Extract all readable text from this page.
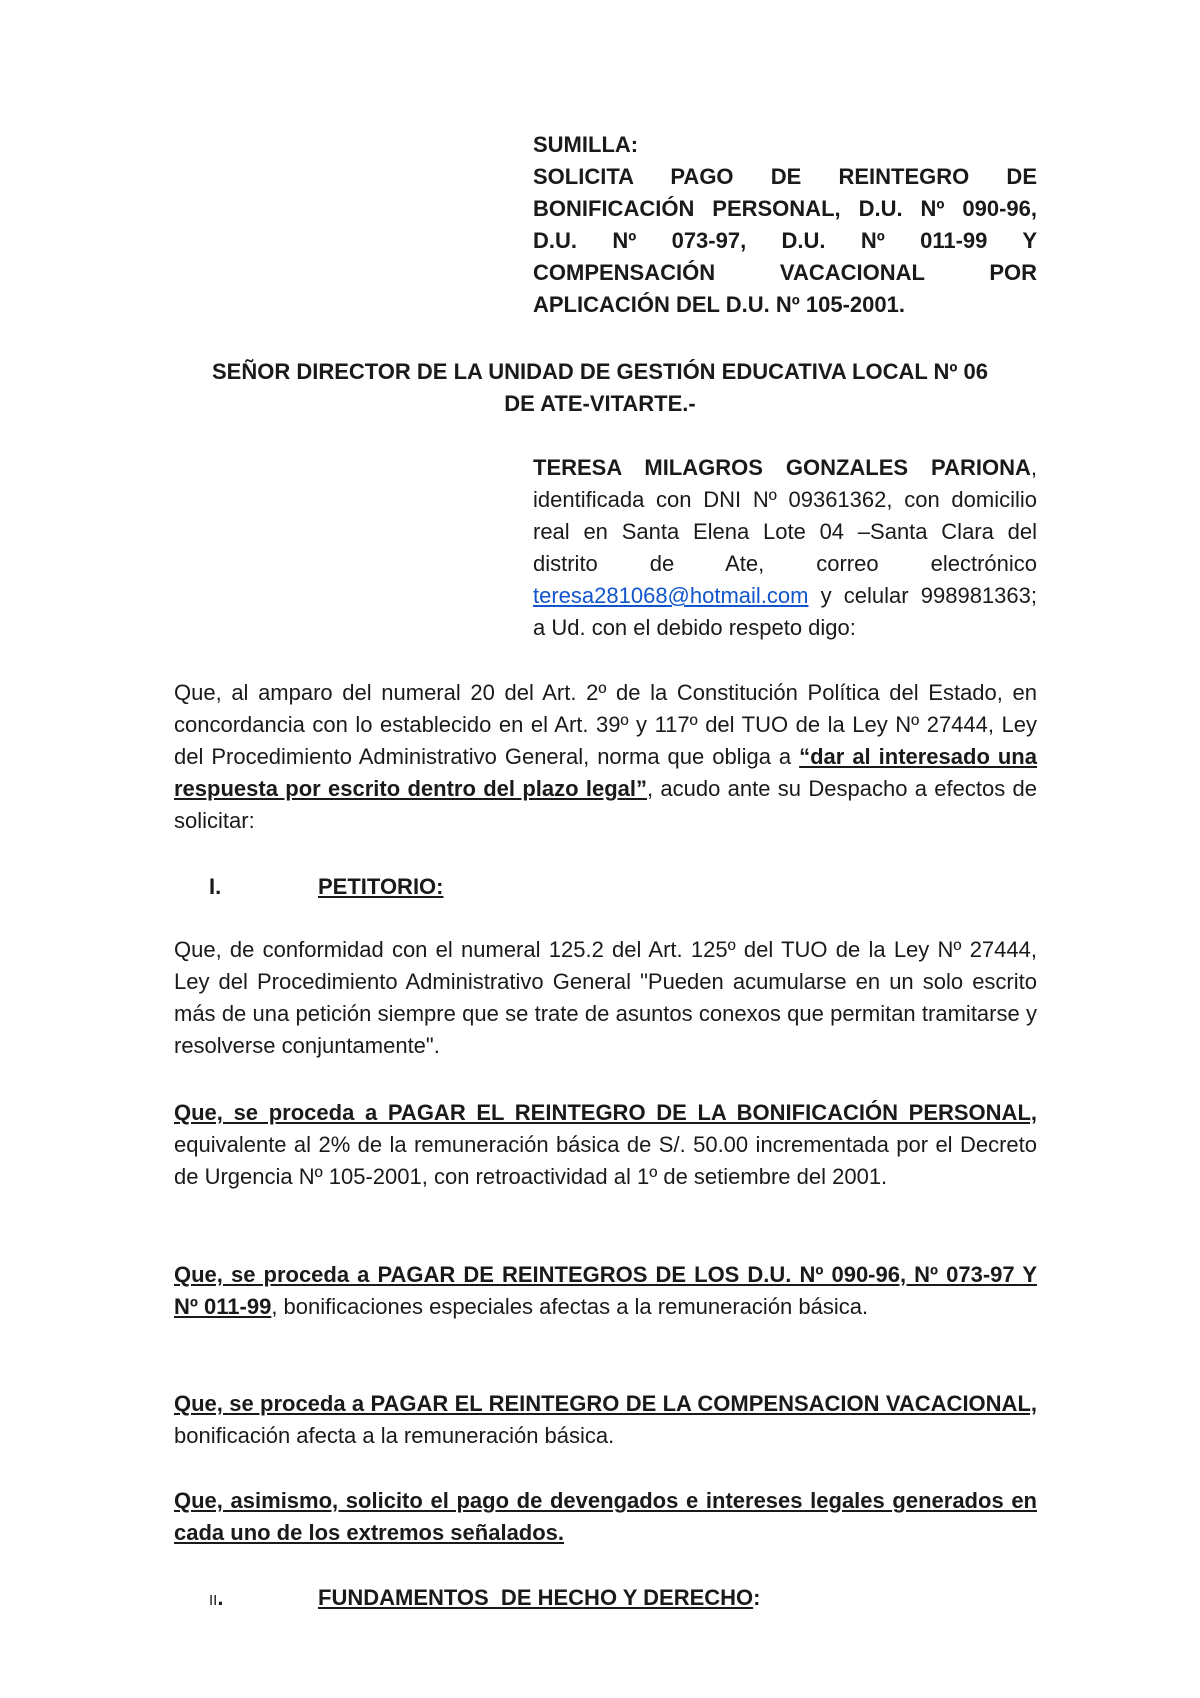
SUMILLA:

SOLICITA PAGO DE REINTEGRO DE BONIFICACIÓN PERSONAL, D.U. Nº 090-96, D.U. Nº 073-97, D.U. Nº 011-99 Y COMPENSACIÓN VACACIONAL POR APLICACIÓN DEL D.U. Nº 105-2001.

SEÑOR DIRECTOR DE LA UNIDAD DE GESTIÓN EDUCATIVA LOCAL Nº 06

DE ATE-VITARTE.-

TERESA MILAGROS GONZALES PARIONA, identificada con DNI Nº 09361362, con domicilio real en Santa Elena Lote 04 –Santa Clara del distrito de Ate, correo electrónico teresa281068@hotmail.com y celular 998981363; a Ud. con el debido respeto digo:
Que, al amparo del numeral 20 del Art. 2º de la Constitución Política del Estado, en concordancia con lo establecido en el Art. 39º y 117º del TUO de la Ley Nº 27444, Ley del Procedimiento Administrativo General, norma que obliga a “dar al interesado una respuesta por escrito dentro del plazo legal”, acudo ante su Despacho a efectos de solicitar:
I.	PETITORIO:
Que, de conformidad con el numeral 125.2 del Art. 125º del TUO de la Ley Nº 27444, Ley del Procedimiento Administrativo General "Pueden acumularse en un solo escrito más de una petición siempre que se trate de asuntos conexos que permitan tramitarse y resolverse conjuntamente".
Que, se proceda a PAGAR EL REINTEGRO DE LA BONIFICACIÓN PERSONAL, equivalente al 2% de la remuneración básica de S/. 50.00 incrementada por el Decreto de Urgencia Nº 105-2001, con retroactividad al 1º de setiembre del 2001.
Que, se proceda a PAGAR DE REINTEGROS DE LOS D.U. Nº 090-96, Nº 073-97 Y Nº 011-99, bonificaciones especiales afectas a la remuneración básica.
Que, se proceda a PAGAR EL REINTEGRO DE LA COMPENSACION VACACIONAL, bonificación afecta a la remuneración básica.
Que, asimismo, solicito el pago de devengados e intereses legales generados en cada uno de los extremos señalados.
II.	FUNDAMENTOS  DE HECHO Y DERECHO:
